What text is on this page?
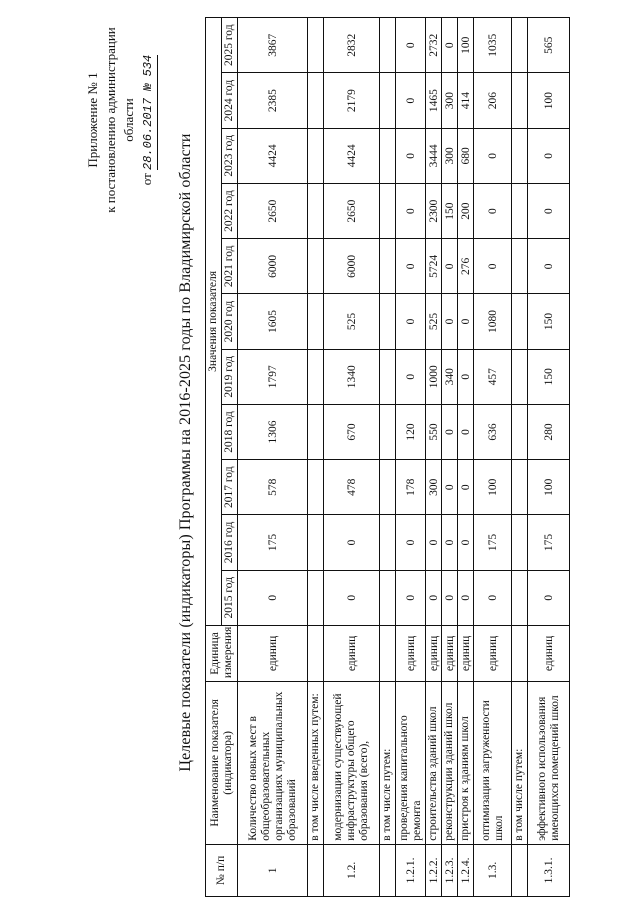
Приложение № 1 к постановлению администрации области
от 28.06.2017 № 534
Целевые показатели (индикаторы) Программы на 2016-2025 годы по Владимирской области
№ п/п	Наименование показателя (индикатора)	Единица измерения	Значения показателя										
			2015 год	2016 год	2017 год	2018 год	2019 год	2020 год	2021 год	2022 год	2023 год	2024 год	2025 год
1	Количество новых мест в общеобразовательных организациях муниципальных образований	единиц	0	175	578	1306	1797	1605	6000	2650	4424	2385	3867
	в том числе введенных путем:												
1.2.	модернизации существующей инфраструктуры общего образования (всего),	единиц	0	0	478	670	1340	525	6000	2650	4424	2179	2832
	в том числе путем:												
1.2.1.	проведения капитального ремонта	единиц	0	0	178	120	0	0	0	0	0	0	0
1.2.2.	строительства зданий школ	единиц	0	0	300	550	1000	525	5724	2300	3444	1465	2732
1.2.3.	реконструкции зданий школ	единиц	0	0	0	0	340	0	0	150	300	300	0
1.2.4.	пристроя к зданиям школ	единиц	0	0	0	0	0	0	276	200	680	414	100
1.3.	оптимизации загруженности школ	единиц	0	175	100	636	457	1080	0	0	0	206	1035
	в том числе путем:												
1.3.1.	эффективного использования имеющихся помещений школ	единиц	0	175	100	280	150	150	0	0	0	100	565
